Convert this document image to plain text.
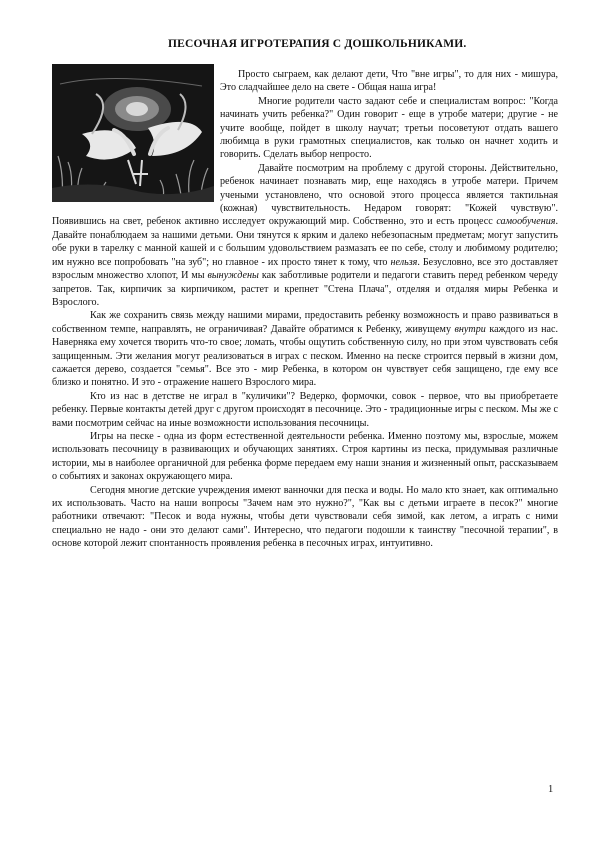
ПЕСОЧНАЯ ИГРОТЕРАПИЯ С ДОШКОЛЬНИКАМИ.

Просто сыграем, как делают дети, Что "вне игры", то для них - мишура, Это сладчайшее дело на свете - Общая наша игра!

Многие родители часто задают себе и специалистам вопрос: "Когда начинать учить ребенка?" Один говорит - еще в утробе матери; другие - не учите вообще, пойдет в школу научат; третьи посоветуют отдать вашего любимца в руки грамотных специалистов, как только он начнет ходить и говорить. Сделать выбор непросто.

Давайте посмотрим на проблему с другой стороны. Действительно, ребенок начинает познавать мир, еще находясь в утробе матери. Причем учеными установлено, что основой этого процесса является тактильная (кожная) чувствительность. Недаром говорят: "Кожей чувствую". Появившись на свет, ребенок активно исследует окружающий мир. Собственно, это и есть процесс самообучения. Давайте понаблюдаем за нашими детьми. Они тянутся к ярким и далеко небезопасным предметам; могут запустить обе руки в тарелку с манной кашей и с большим удовольствием размазать ее по себе, столу и любимому родителю; им нужно все попробовать "на зуб"; но главное - их просто тянет к тому, что нельзя. Безусловно, все это доставляет взрослым множество хлопот, И мы вынуждены как заботливые родители и педагоги ставить перед ребенком череду запретов. Так, кирпичик за кирпичиком, растет и крепнет "Стена Плача", отделяя и отдаляя миры Ребенка и Взрослого.

Как же сохранить связь между нашими мирами, предоставить ребенку возможность и право развиваться в собственном темпе, направлять, не ограничивая? Давайте обратимся к Ребенку, живущему внутри каждого из нас. Наверняка ему хочется творить что-то свое; ломать, чтобы ощутить собственную силу, но при этом чувствовать себя защищенным. Эти желания могут реализоваться в играх с песком. Именно на песке строится первый в жизни дом, сажается дерево, создается "семья". Все это - мир Ребенка, в котором он чувствует себя защищено, где ему все близко и понятно. И это - отражение нашего Взрослого мира.

Кто из нас в детстве не играл в "куличики"? Ведерко, формочки, совок - первое, что вы приобретаете ребенку. Первые контакты детей друг с другом происходят в песочнице. Это - традиционные игры с песком. Мы же с вами посмотрим сейчас на иные возможности использования песочницы.

Игры на песке - одна из форм естественной деятельности ребенка. Именно поэтому мы, взрослые, можем использовать песочницу в развивающих и обучающих занятиях. Строя картины из песка, придумывая различные истории, мы в наиболее органичной для ребенка форме передаем ему наши знания и жизненный опыт, рассказываем о событиях и законах окружающего мира.

Сегодня многие детские учреждения имеют ванночки для песка и воды. Но мало кто знает, как оптимально их использовать. Часто на наши вопросы "Зачем нам это нужно?", "Как вы с детьми играете в песок?" многие работники отвечают: "Песок и вода нужны, чтобы дети чувствовали себя зимой, как летом, а играть с ними специально не надо - они это делают сами". Интересно, что педагоги подошли к таинству "песочной терапии", в основе которой лежит спонтанность проявления ребенка в песочных играх, интуитивно.

1
